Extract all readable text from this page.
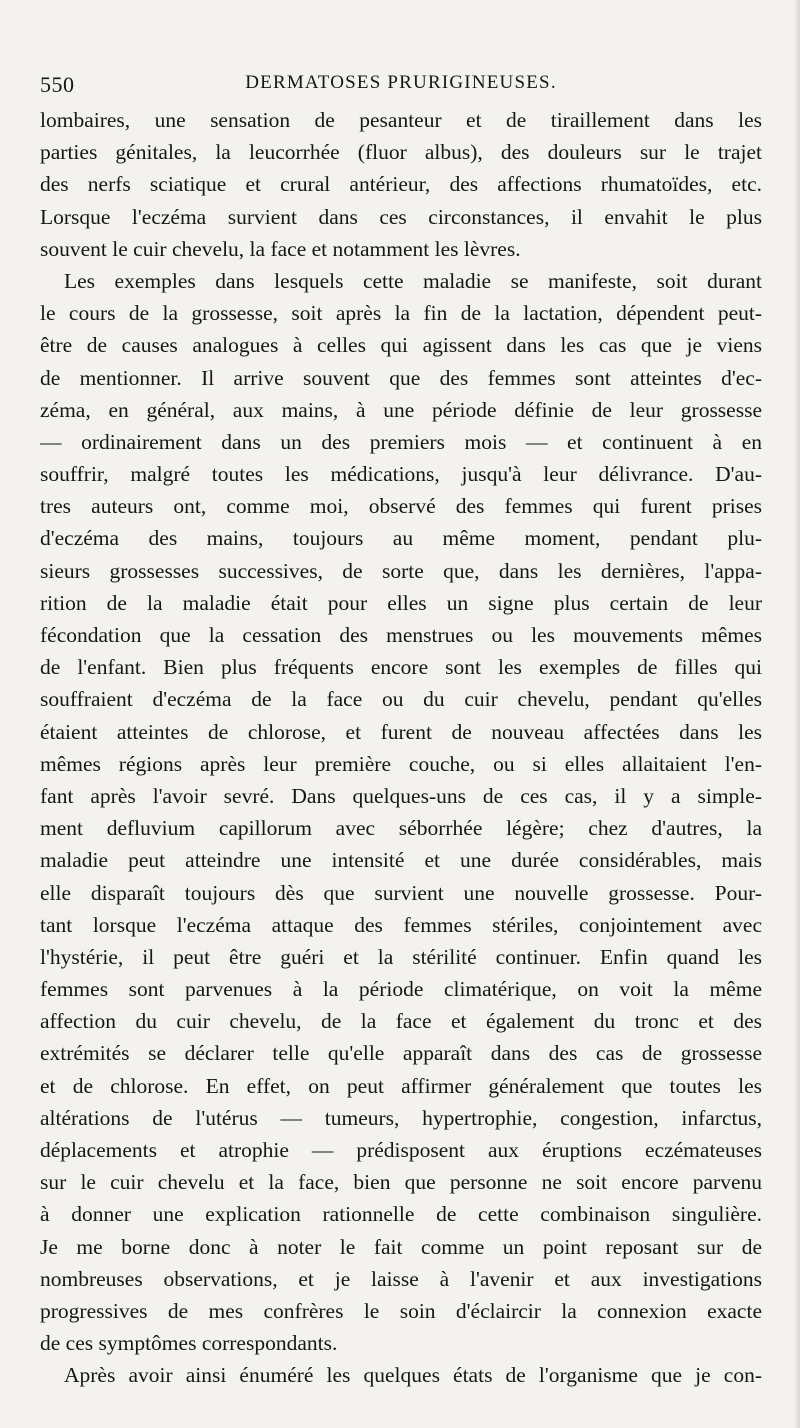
550	DERMATOSES PRURIGINEUSES.
lombaires, une sensation de pesanteur et de tiraillement dans les
parties génitales, la leucorrhée (fluor albus), des douleurs sur le trajet
des nerfs sciatique et crural antérieur, des affections rhumatoïdes, etc.
Lorsque l'eczéma survient dans ces circonstances, il envahit le plus
souvent le cuir chevelu, la face et notamment les lèvres.
Les exemples dans lesquels cette maladie se manifeste, soit durant
le cours de la grossesse, soit après la fin de la lactation, dépendent peut-
être de causes analogues à celles qui agissent dans les cas que je viens
de mentionner. Il arrive souvent que des femmes sont atteintes d'ec-
zéma, en général, aux mains, à une période définie de leur grossesse
— ordinairement dans un des premiers mois — et continuent à en
souffrir, malgré toutes les médications, jusqu'à leur délivrance. D'au-
tres auteurs ont, comme moi, observé des femmes qui furent prises
d'eczéma des mains, toujours au même moment, pendant plu-
sieurs grossesses successives, de sorte que, dans les dernières, l'appa-
rition de la maladie était pour elles un signe plus certain de leur
fécondation que la cessation des menstrues ou les mouvements mêmes
de l'enfant. Bien plus fréquents encore sont les exemples de filles qui
souffraient d'eczéma de la face ou du cuir chevelu, pendant qu'elles
étaient atteintes de chlorose, et furent de nouveau affectées dans les
mêmes régions après leur première couche, ou si elles allaitaient l'en-
fant après l'avoir sevré. Dans quelques-uns de ces cas, il y a simple-
ment defluvium capillorum avec séborrhée légère; chez d'autres, la
maladie peut atteindre une intensité et une durée considérables, mais
elle disparaît toujours dès que survient une nouvelle grossesse. Pour-
tant lorsque l'eczéma attaque des femmes stériles, conjointement avec
l'hystérie, il peut être guéri et la stérilité continuer. Enfin quand les
femmes sont parvenues à la période climatérique, on voit la même
affection du cuir chevelu, de la face et également du tronc et des
extrémités se déclarer telle qu'elle apparaît dans des cas de grossesse
et de chlorose. En effet, on peut affirmer généralement que toutes les
altérations de l'utérus — tumeurs, hypertrophie, congestion, infarctus,
déplacements et atrophie — prédisposent aux éruptions eczémateuses
sur le cuir chevelu et la face, bien que personne ne soit encore parvenu
à donner une explication rationnelle de cette combinaison singulière.
Je me borne donc à noter le fait comme un point reposant sur de
nombreuses observations, et je laisse à l'avenir et aux investigations
progressives de mes confrères le soin d'éclaircir la connexion exacte
de ces symptômes correspondants.
Après avoir ainsi énuméré les quelques états de l'organisme que je con-
